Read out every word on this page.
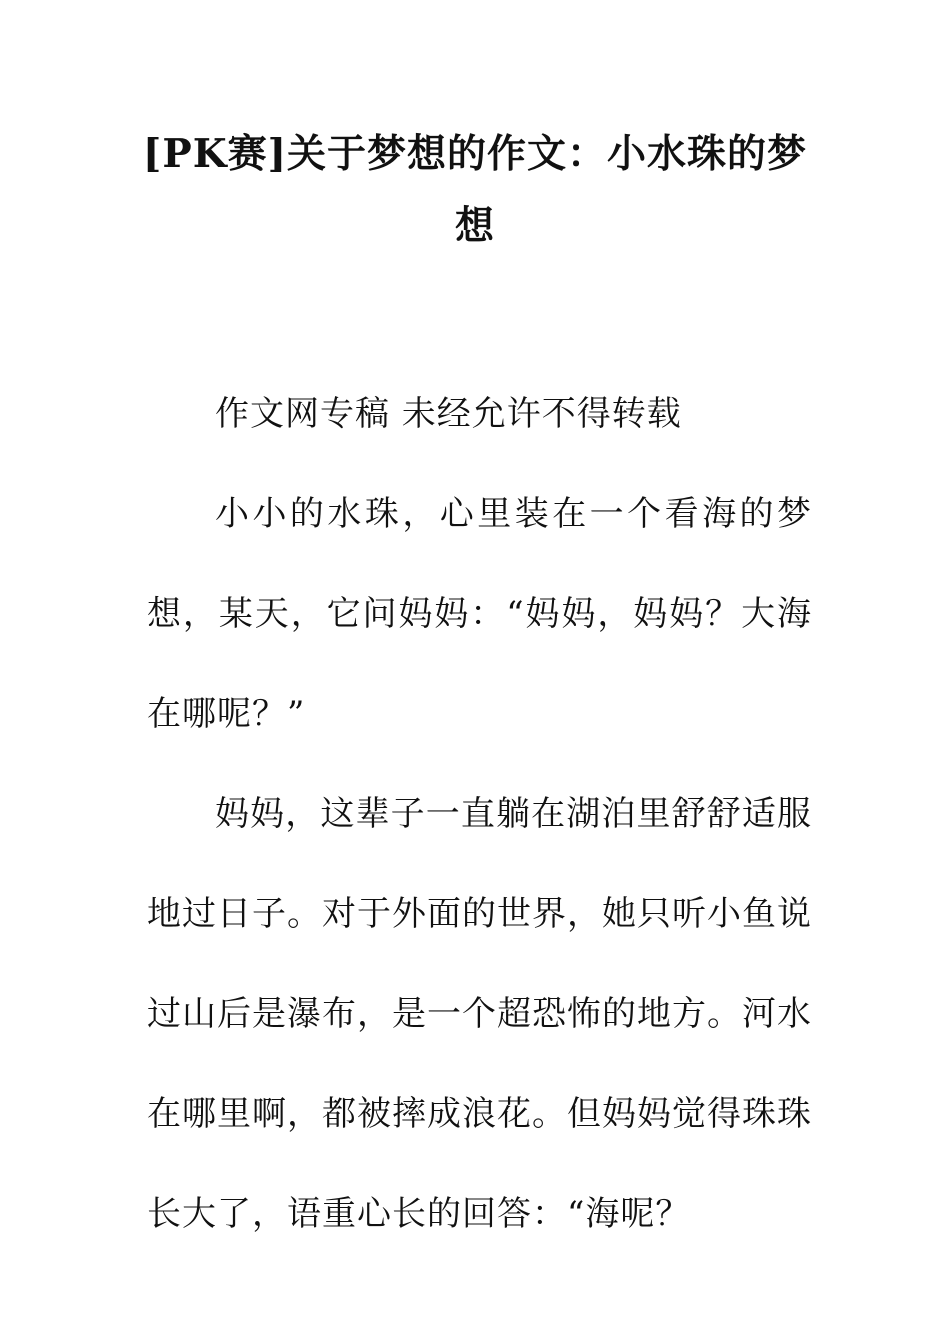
[PK赛]关于梦想的作文：小水珠的梦想

作文网专稿 未经允许不得转载

小小的水珠，心里装在一个看海的梦想，某天，它问妈妈：“妈妈，妈妈？大海在哪呢？”

妈妈，这辈子一直躺在湖泊里舒舒适服地过日子。对于外面的世界，她只听小鱼说过山后是瀑布，是一个超恐怖的地方。河水在哪里啊，都被摔成浪花。但妈妈觉得珠珠长大了，语重心长的回答：“海呢？
